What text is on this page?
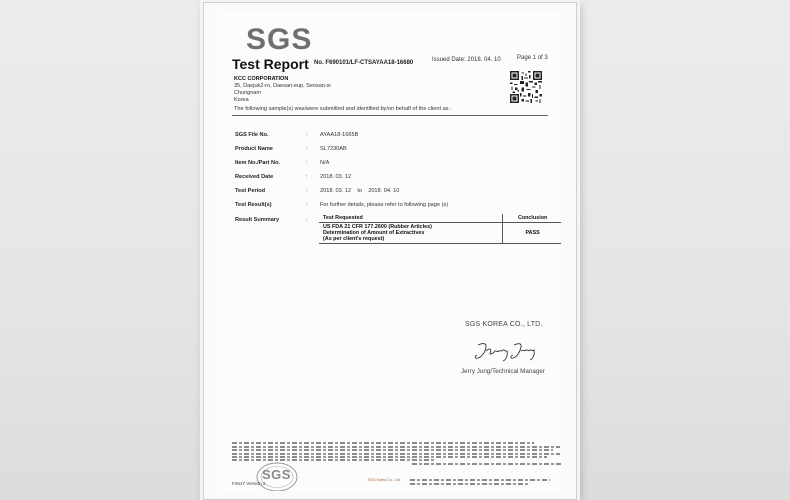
SGS
Test Report No. F690101/LF-CTSAYAA18-16680	Issued Date: 2018. 04. 10	Page 1 of 3
KCC CORPORATION
35, Daejuk2-ro, Daesan-eup, Seosan-si
Chungnam
Korea
The following sample(s) was/were submitted and identified by/on behalf of the client as :
SGS File No.	: AYAA18-1665B
Product Name	: SL7230AB
Item No./Part No.	: N/A
Received Date	: 2018. 03. 12
Test Period	: 2018. 03. 12    to    2018. 04. 10
Test Result(s)	: For further details, please refer to following page (s)
Result Summary	:	Test Requested	Conclusion

US FDA 21 CFR 177.2600 (Rubber Articles)
Determination of Amount of Extractives
(As per client's request)	PASS
SGS KOREA CO., LTD.
Jerry Jung/Technical Manager
SGS
F4617 Version 2
SGS Korea Co., Ltd.
